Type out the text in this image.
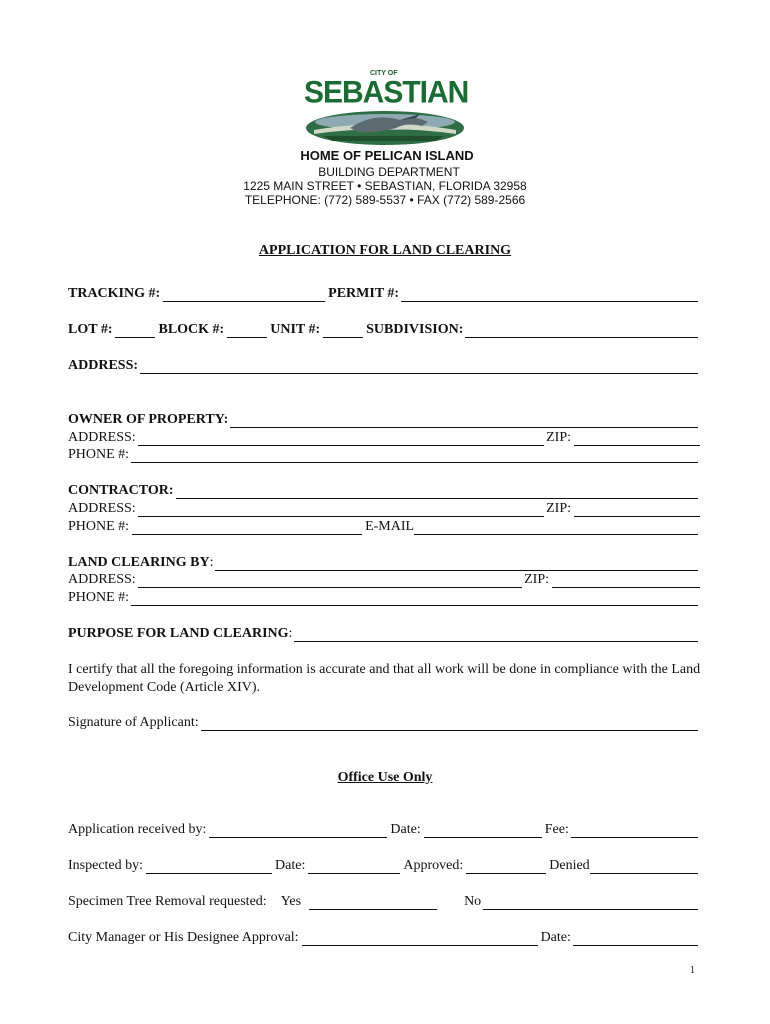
CITY OF
SEBASTIAN
HOME OF PELICAN ISLAND
BUILDING DEPARTMENT
1225 MAIN STREET • SEBASTIAN, FLORIDA 32958
TELEPHONE: (772) 589-5537 • FAX (772) 589-2566
APPLICATION FOR LAND CLEARING
TRACKING #:	PERMIT #:
LOT #:	BLOCK #:	UNIT #:	SUBDIVISION:
ADDRESS:
OWNER OF PROPERTY:
ADDRESS:	ZIP:
PHONE #:
CONTRACTOR:
ADDRESS:	ZIP:
PHONE #:	E-MAIL
LAND CLEARING BY :
ADDRESS:	ZIP:
PHONE #:
PURPOSE FOR LAND CLEARING :
I certify that all the foregoing information is accurate and that all work will be done in compliance with the Land Development Code (Article XIV).
Signature of Applicant:
Office Use Only
Application received by:	Date:	Fee:
Inspected by:	Date:	Approved:	Denied
Specimen Tree Removal requested: Yes	No
City Manager or His Designee Approval:	Date:
1
